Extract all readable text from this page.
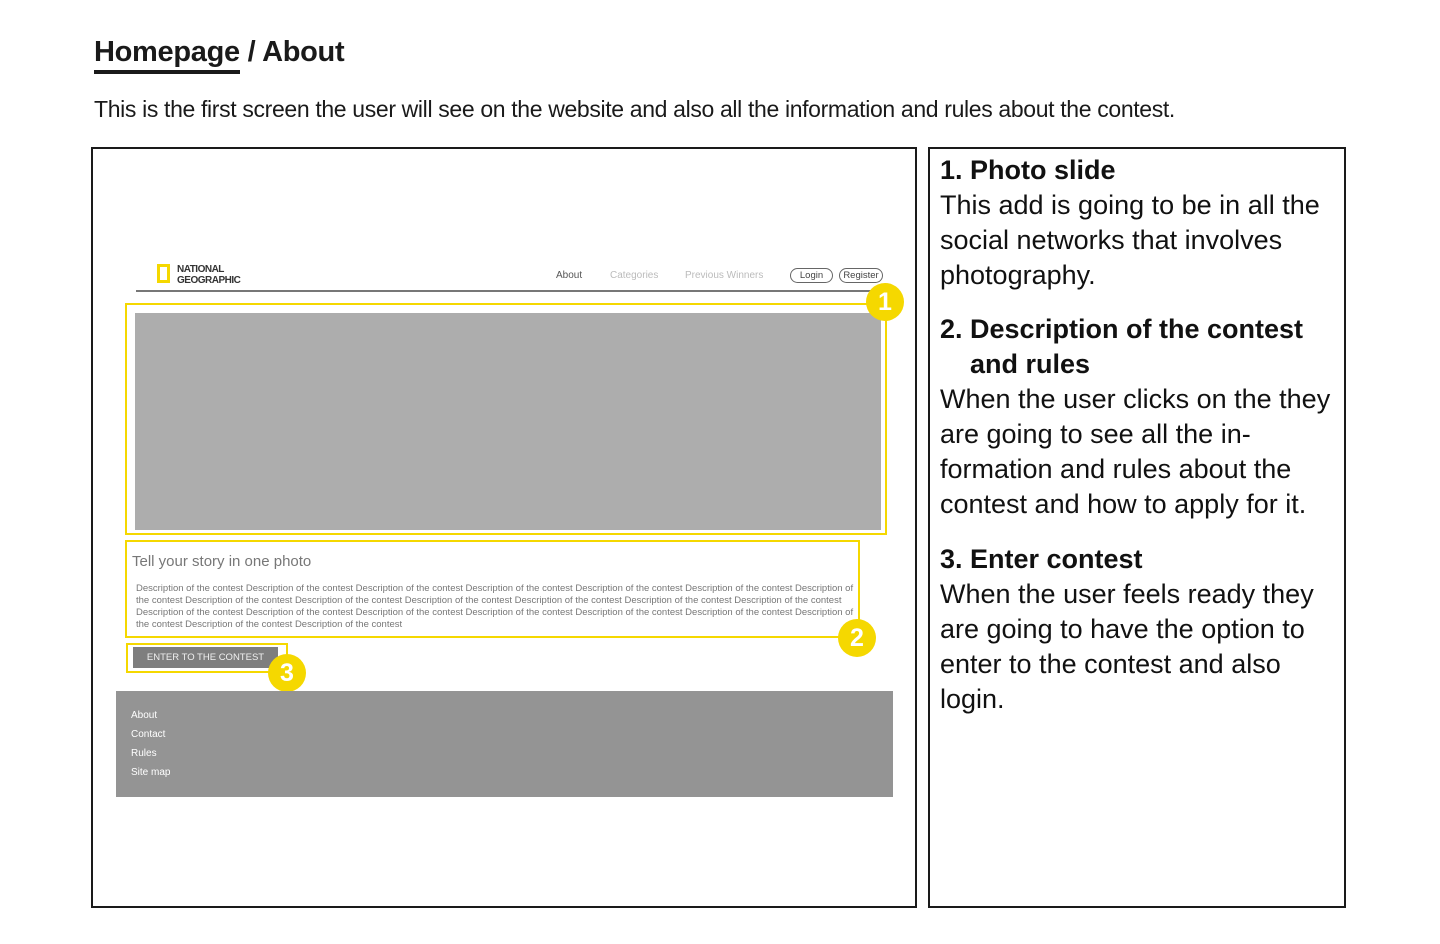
Homepage / About

This is the first screen the user will see on the website and also all the information and rules about the contest.

NATIONAL
GEOGRAPHIC	About	Categories	Previous Winners	Login	Register
1
Tell your story in one photo
Description of the contest Description of the contest Description of the contest Description of the contest Description of the contest Description of the contest Description of the contest Description of the contest Description of the contest Description of the contest Description of the contest Description of the contest Description of the contest Description of the contest Description of the contest Description of the contest Description of the contest Description of the contest Description of the contest Description of the contest Description of the contest Description of the contest	2
ENTER TO THE CONTEST
3
About
Contact
Rules
Site map
1. Photo slide

This add is going to be in all the social networks that involves photography.

2. Description of the contest and rules

When the user clicks on the they are going to see all the information and rules about the contest and how to apply for it.

3. Enter contest

When the user feels ready they are going to have the option to enter to the contest and also login.
